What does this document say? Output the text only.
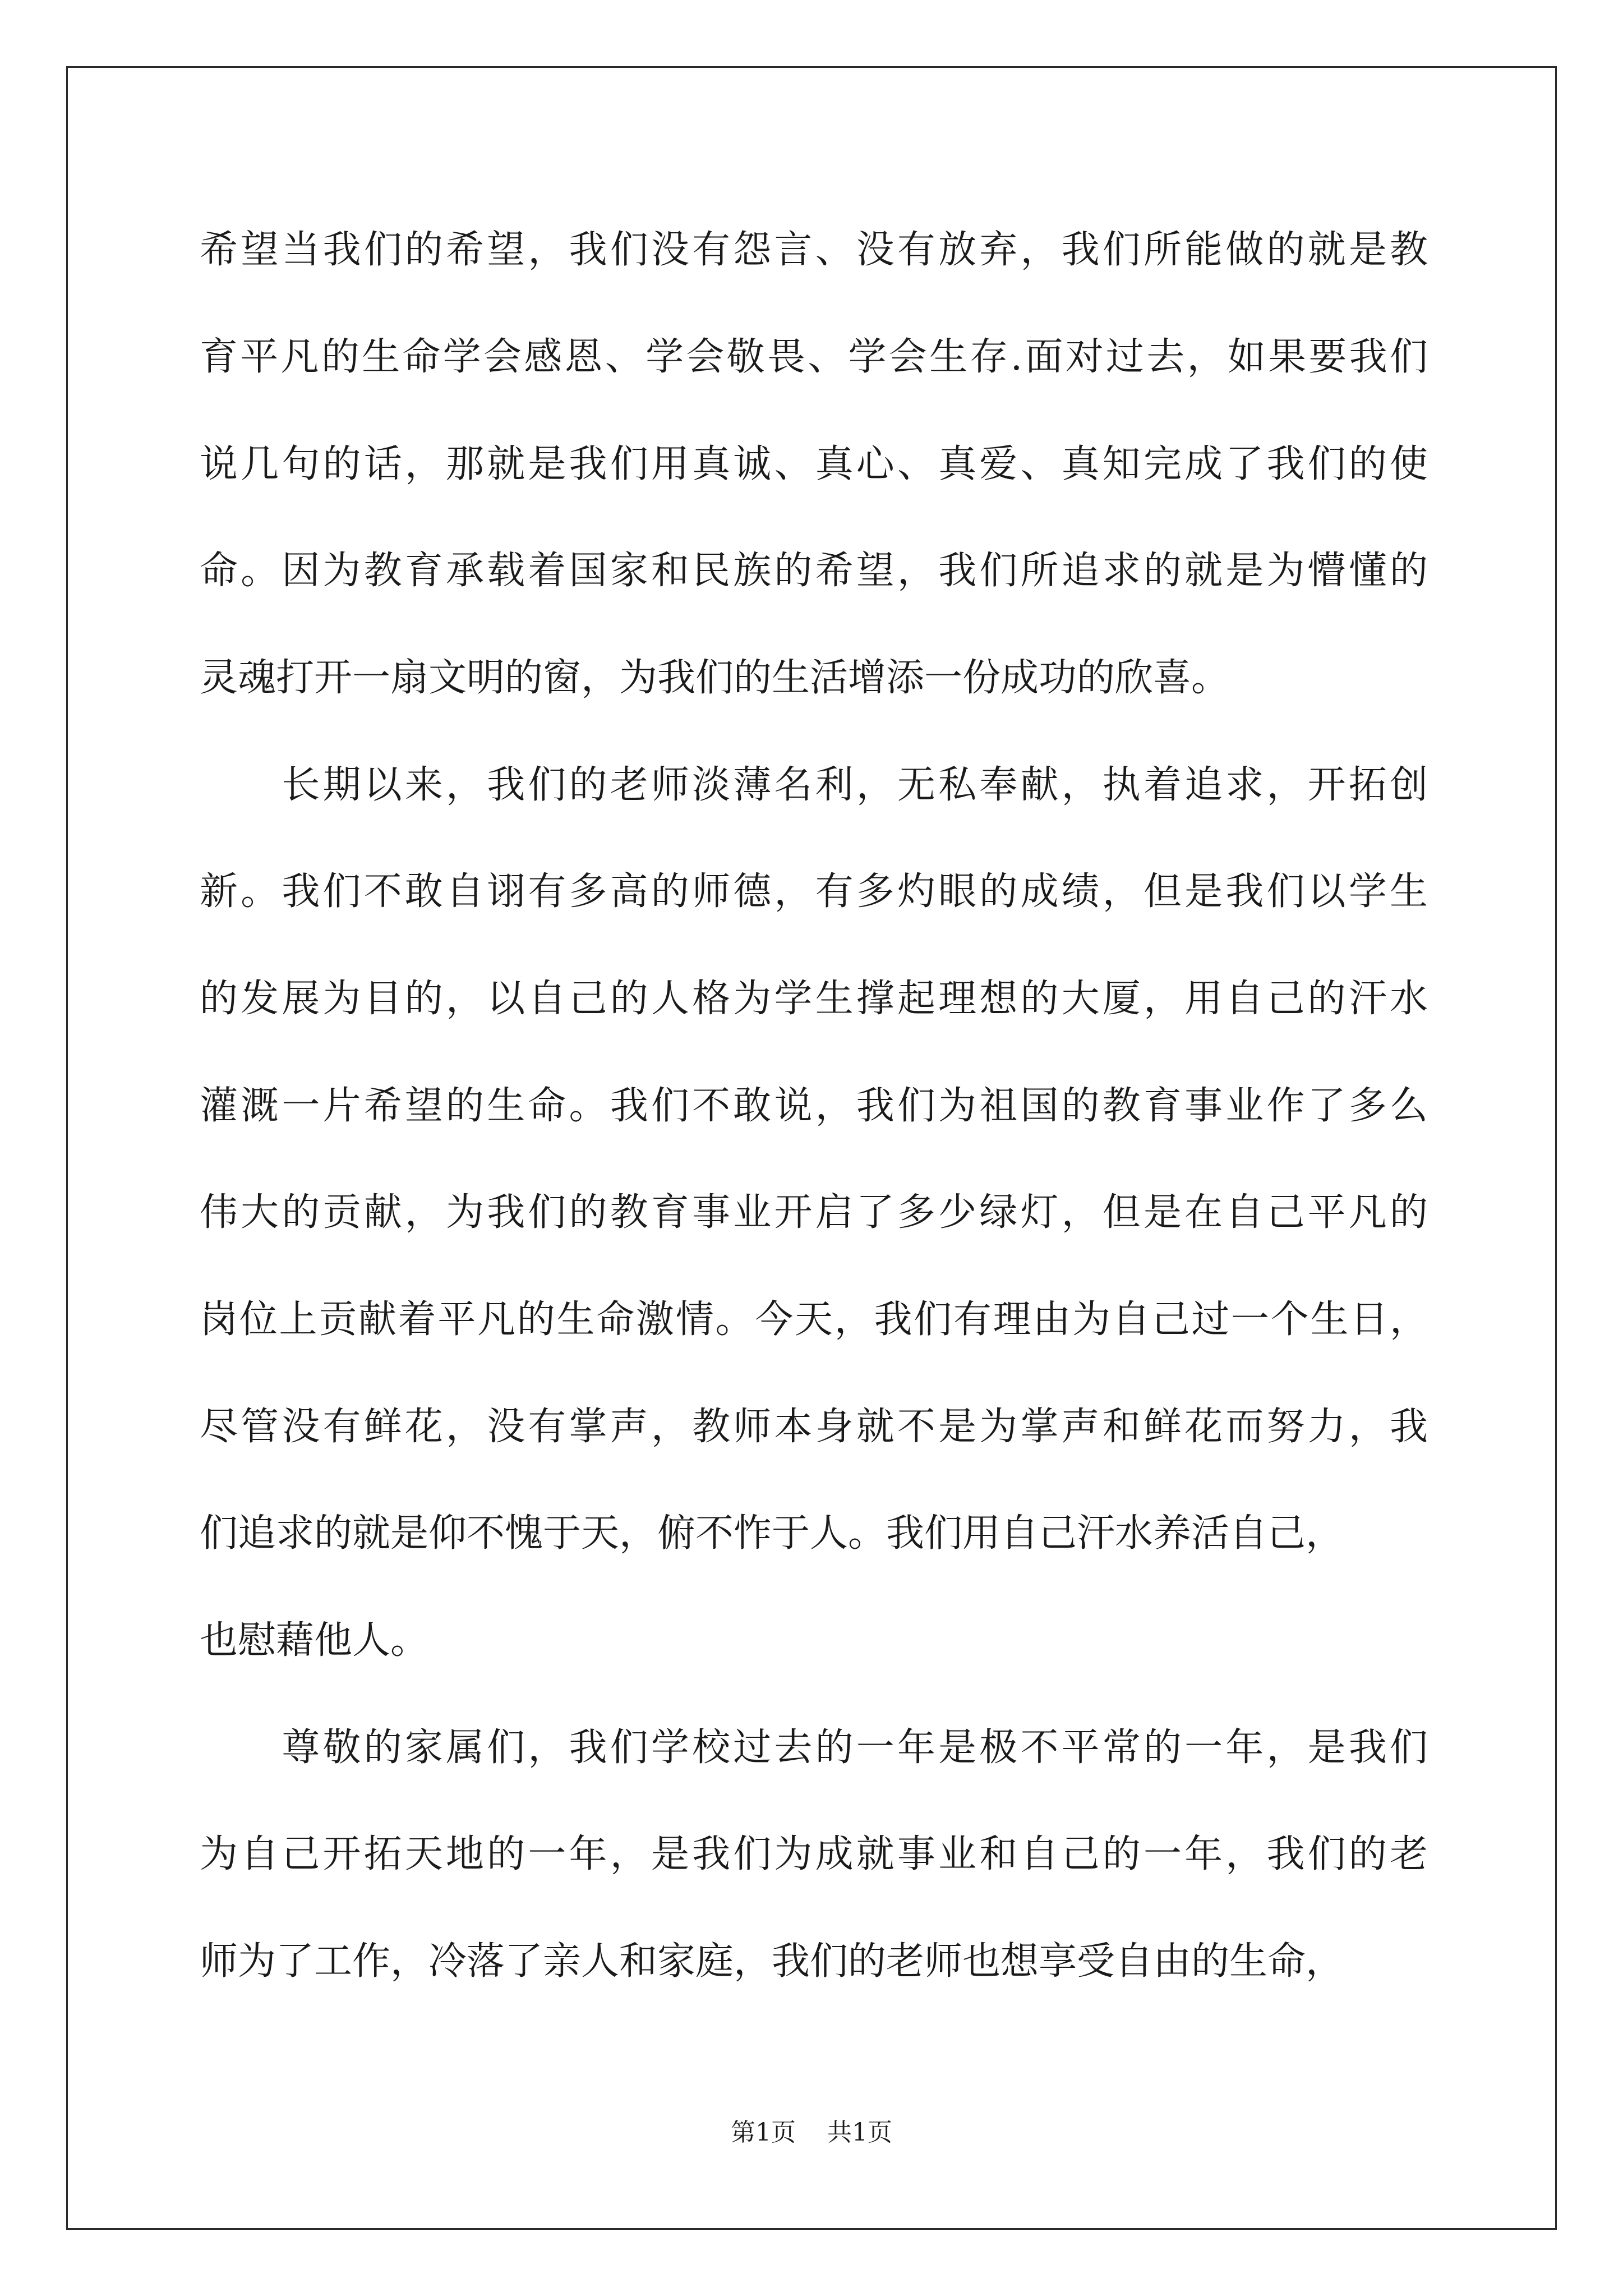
希望当我们的希望，我们没有怨言、没有放弃，我们所能做的就是教
育平凡的生命学会感恩、学会敬畏、学会生存.面对过去，如果要我们
说几句的话，那就是我们用真诚、真心、真爱、真知完成了我们的使
命。因为教育承载着国家和民族的希望，我们所追求的就是为懵懂的
灵魂打开一扇文明的窗，为我们的生活增添一份成功的欣喜。
　　长期以来，我们的老师淡薄名利，无私奉献，执着追求，开拓创
新。我们不敢自诩有多高的师德，有多灼眼的成绩，但是我们以学生
的发展为目的，以自己的人格为学生撑起理想的大厦，用自己的汗水
灌溉一片希望的生命。我们不敢说，我们为祖国的教育事业作了多么
伟大的贡献，为我们的教育事业开启了多少绿灯，但是在自己平凡的
岗位上贡献着平凡的生命激情。今天，我们有理由为自己过一个生日，
尽管没有鲜花，没有掌声，教师本身就不是为掌声和鲜花而努力，我
们追求的就是仰不愧于天，俯不怍于人。我们用自己汗水养活自己，
也慰藉他人。
　　尊敬的家属们，我们学校过去的一年是极不平常的一年，是我们
为自己开拓天地的一年，是我们为成就事业和自己的一年，我们的老
师为了工作，冷落了亲人和家庭，我们的老师也想享受自由的生命，
第1页 共1页
